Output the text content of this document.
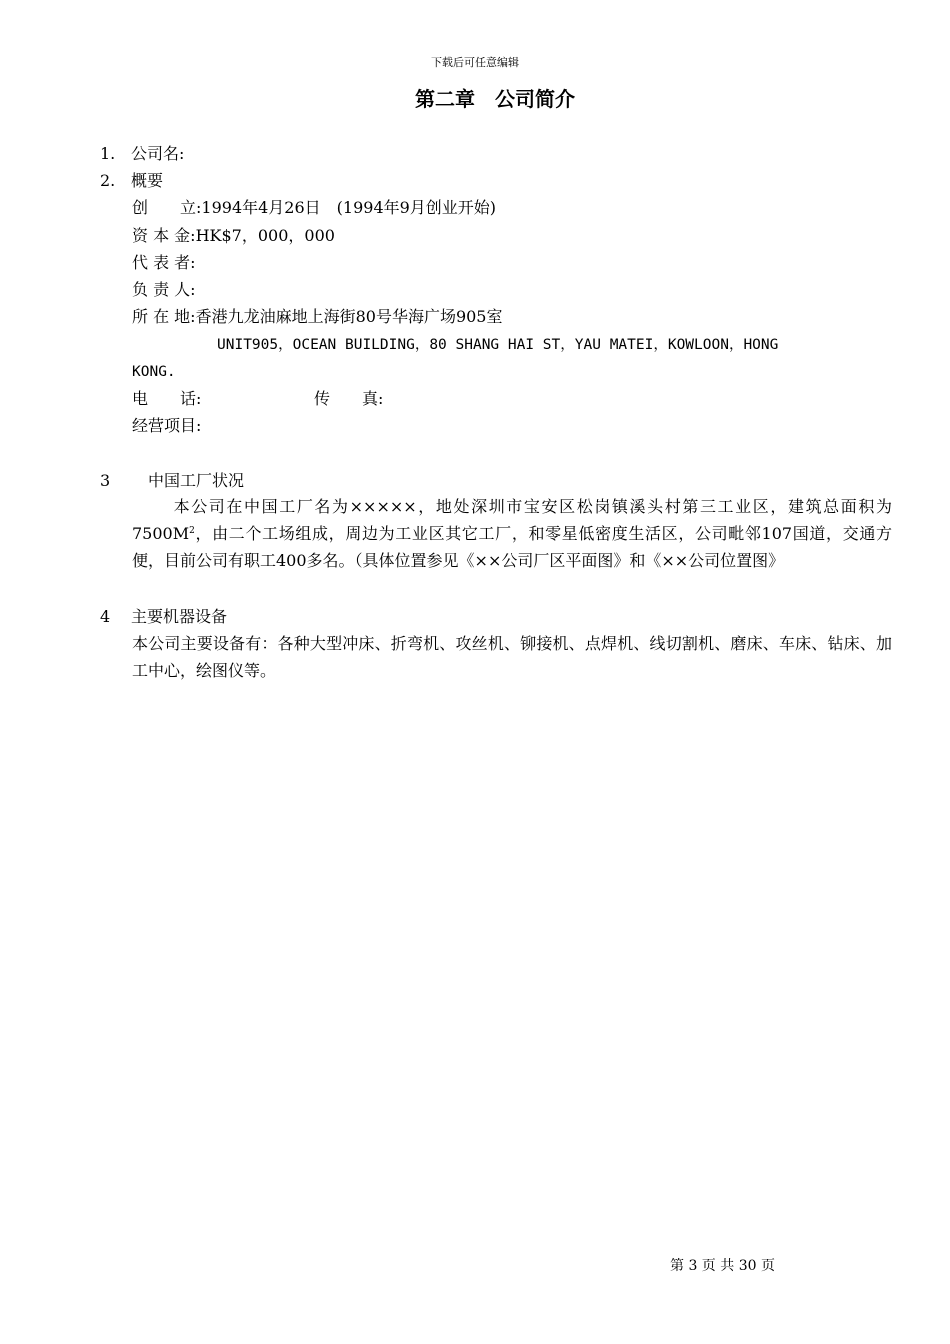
下载后可任意编辑
第二章　公司简介
1. 公司名:
2. 概要
创　　立:1994年4月26日　(1994年9月创业开始)
资 本 金:HK$7，000，000
代 表 者:
负 责 人:
所 在 地:香港九龙油麻地上海街80号华海广场905室
UNIT905，OCEAN BUILDING，80 SHANG HAI ST，YAU MATEI，KOWLOON，HONG
KONG.
电　　话:	传　　真:
经营项目:
3 中国工厂状况
本公司在中国工厂名为×××××，地处深圳市宝安区松岗镇溪头村第三工业区，建筑总面积为$7500M^2$，由二个工场组成，周边为工业区其它工厂，和零星低密度生活区，公司毗邻107国道，交通方便，目前公司有职工400多名。（具体位置参见《××公司厂区平面图》和《××公司位置图》
4 主要机器设备
本公司主要设备有：各种大型冲床、折弯机、攻丝机、铆接机、点焊机、线切割机、磨床、车床、钻床、加工中心，绘图仪等。
第 3 页 共 30 页
